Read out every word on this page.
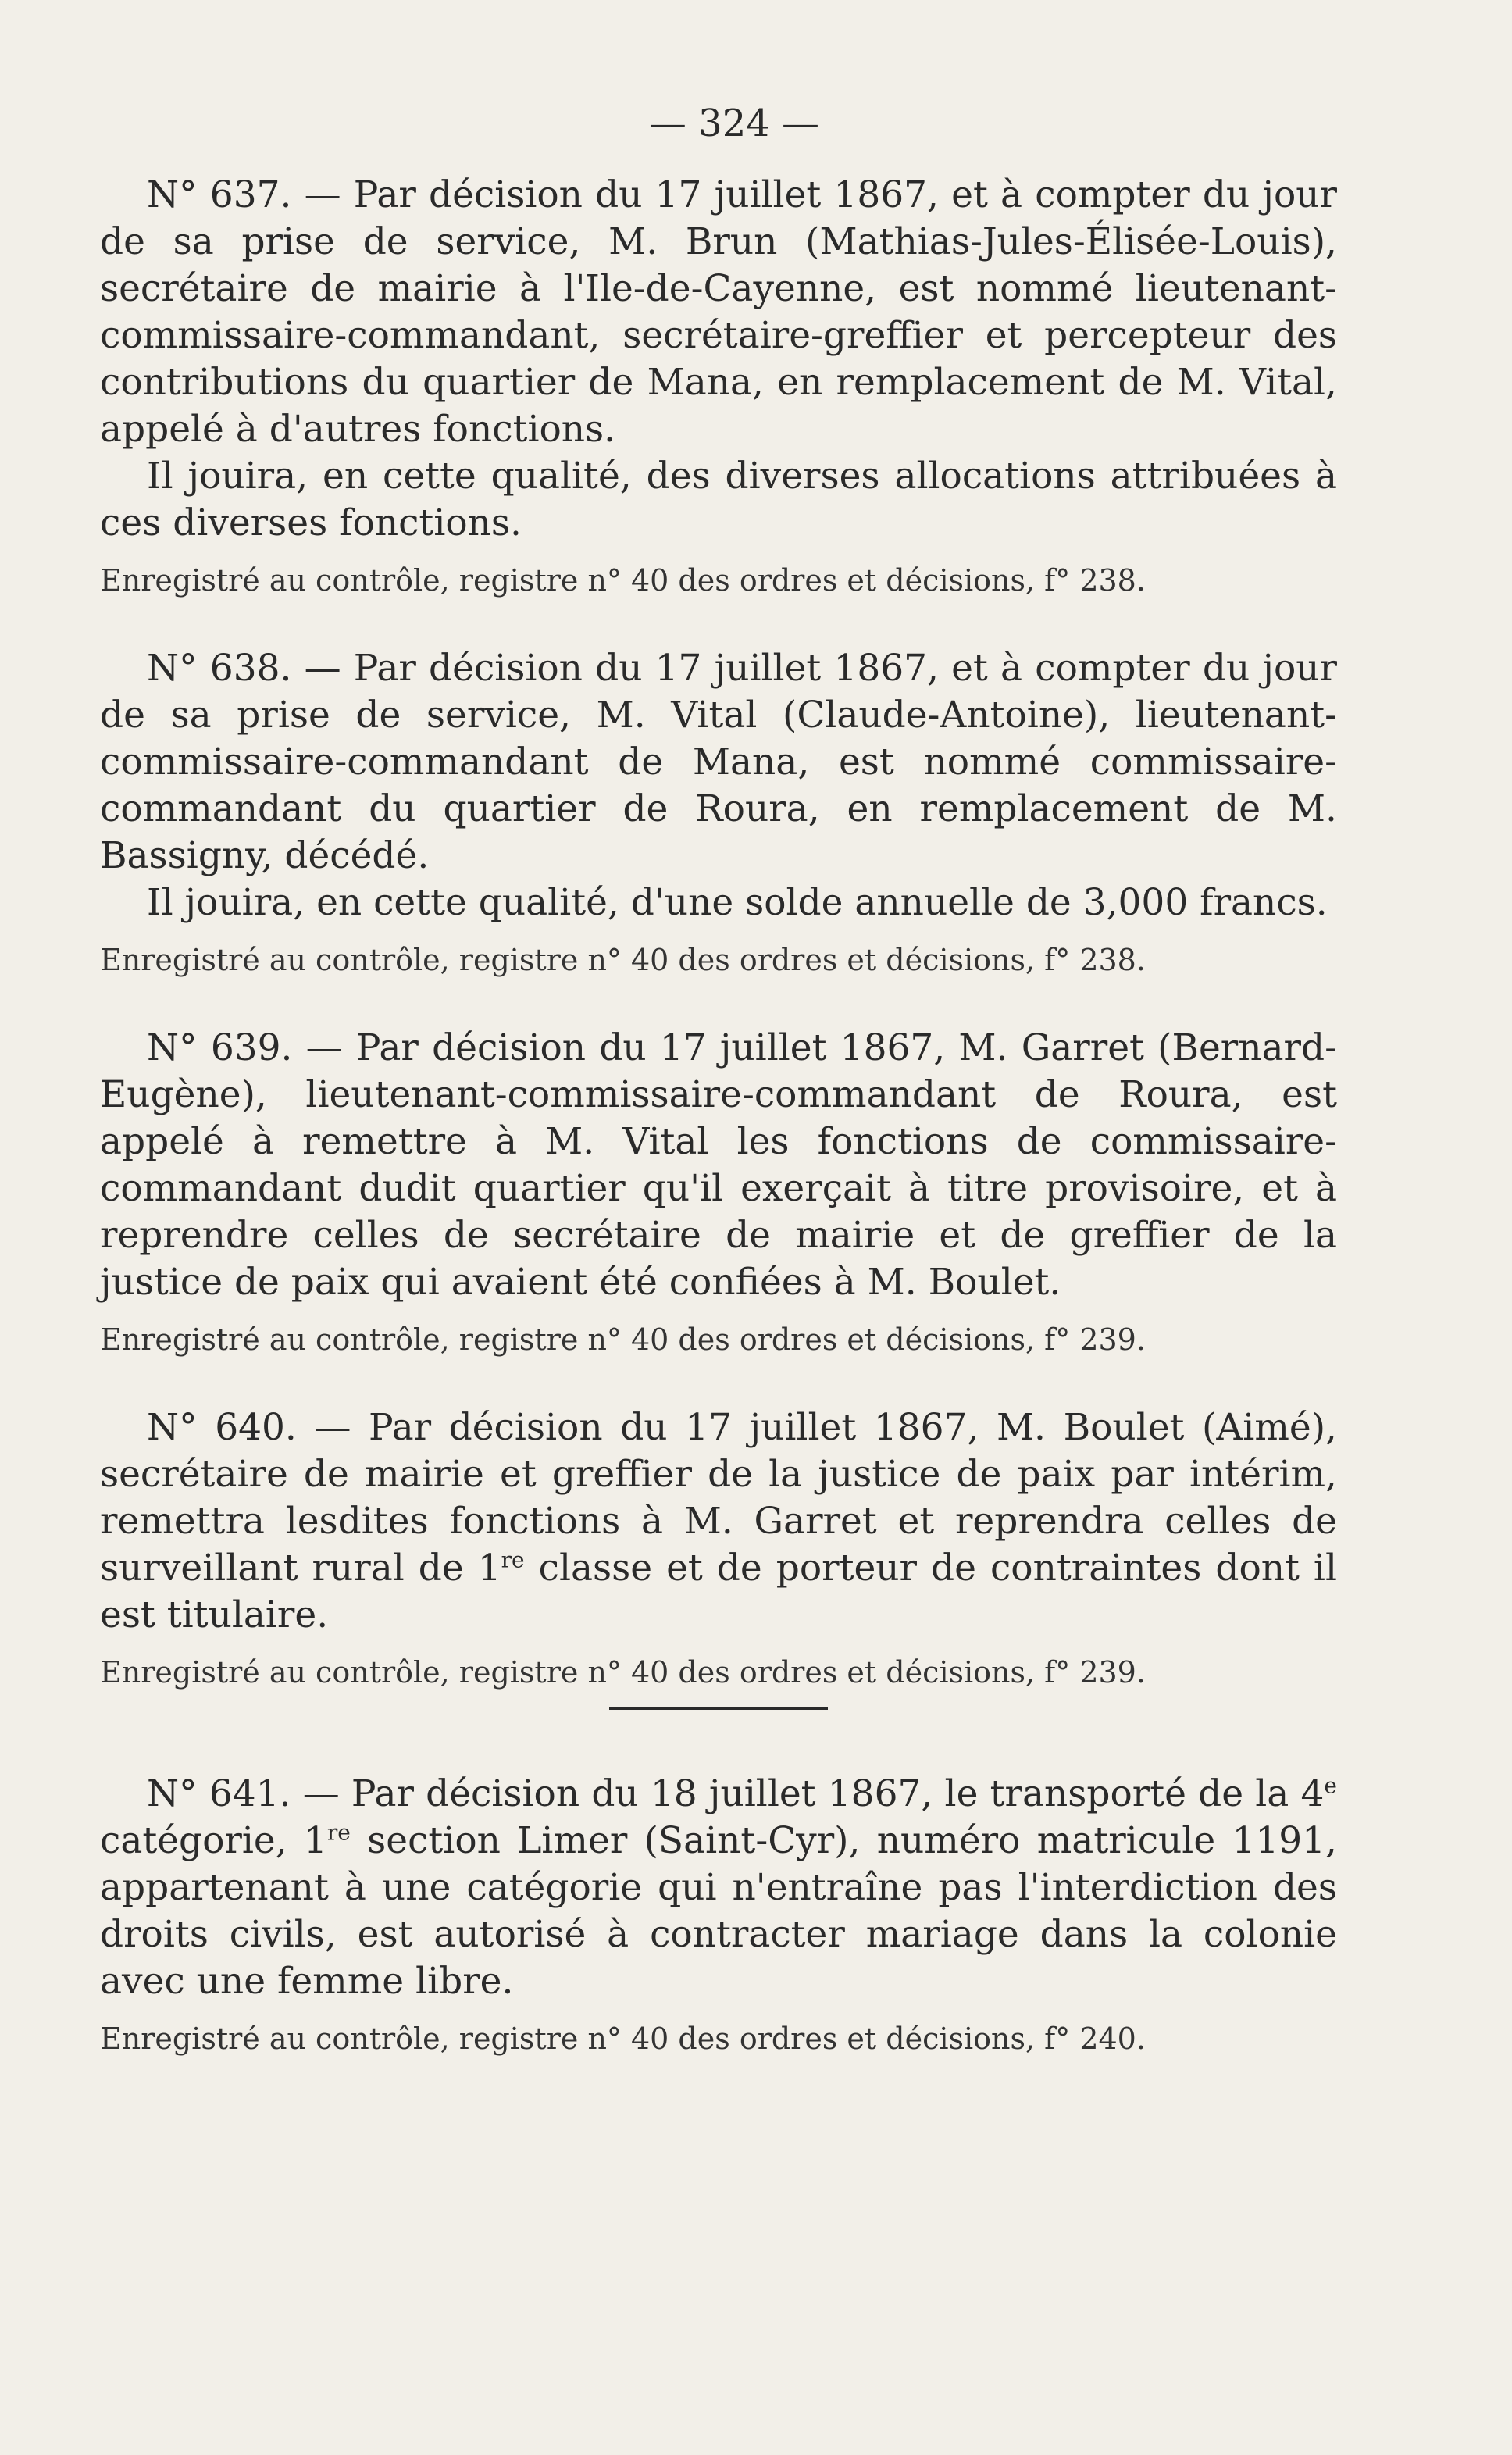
— 324 —

N° 637. — Par décision du 17 juillet 1867, et à compter du jour de sa prise de service, M. Brun (Mathias-Jules-Élisée-Louis), secrétaire de mairie à l'Ile-de-Cayenne, est nommé lieutenant-commissaire-commandant, secrétaire-greffier et percepteur des contributions du quartier de Mana, en remplacement de M. Vital, appelé à d'autres fonctions.

Il jouira, en cette qualité, des diverses allocations attribuées à ces diverses fonctions.

Enregistré au contrôle, registre n° 40 des ordres et décisions, f° 238.

N° 638. — Par décision du 17 juillet 1867, et à compter du jour de sa prise de service, M. Vital (Claude-Antoine), lieutenant-commissaire-commandant de Mana, est nommé commissaire-commandant du quartier de Roura, en remplacement de M. Bassigny, décédé.

Il jouira, en cette qualité, d'une solde annuelle de 3,000 francs.

Enregistré au contrôle, registre n° 40 des ordres et décisions, f° 238.

N° 639. — Par décision du 17 juillet 1867, M. Garret (Bernard-Eugène), lieutenant-commissaire-commandant de Roura, est appelé à remettre à M. Vital les fonctions de commissaire-commandant dudit quartier qu'il exerçait à titre provisoire, et à reprendre celles de secrétaire de mairie et de greffier de la justice de paix qui avaient été confiées à M. Boulet.

Enregistré au contrôle, registre n° 40 des ordres et décisions, f° 239.

N° 640. — Par décision du 17 juillet 1867, M. Boulet (Aimé), secrétaire de mairie et greffier de la justice de paix par intérim, remettra lesdites fonctions à M. Garret et reprendra celles de surveillant rural de 1re classe et de porteur de contraintes dont il est titulaire.

Enregistré au contrôle, registre n° 40 des ordres et décisions, f° 239.

N° 641. — Par décision du 18 juillet 1867, le transporté de la 4e catégorie, 1re section Limer (Saint-Cyr), numéro matricule 1191, appartenant à une catégorie qui n'entraîne pas l'interdiction des droits civils, est autorisé à contracter mariage dans la colonie avec une femme libre.

Enregistré au contrôle, registre n° 40 des ordres et décisions, f° 240.
